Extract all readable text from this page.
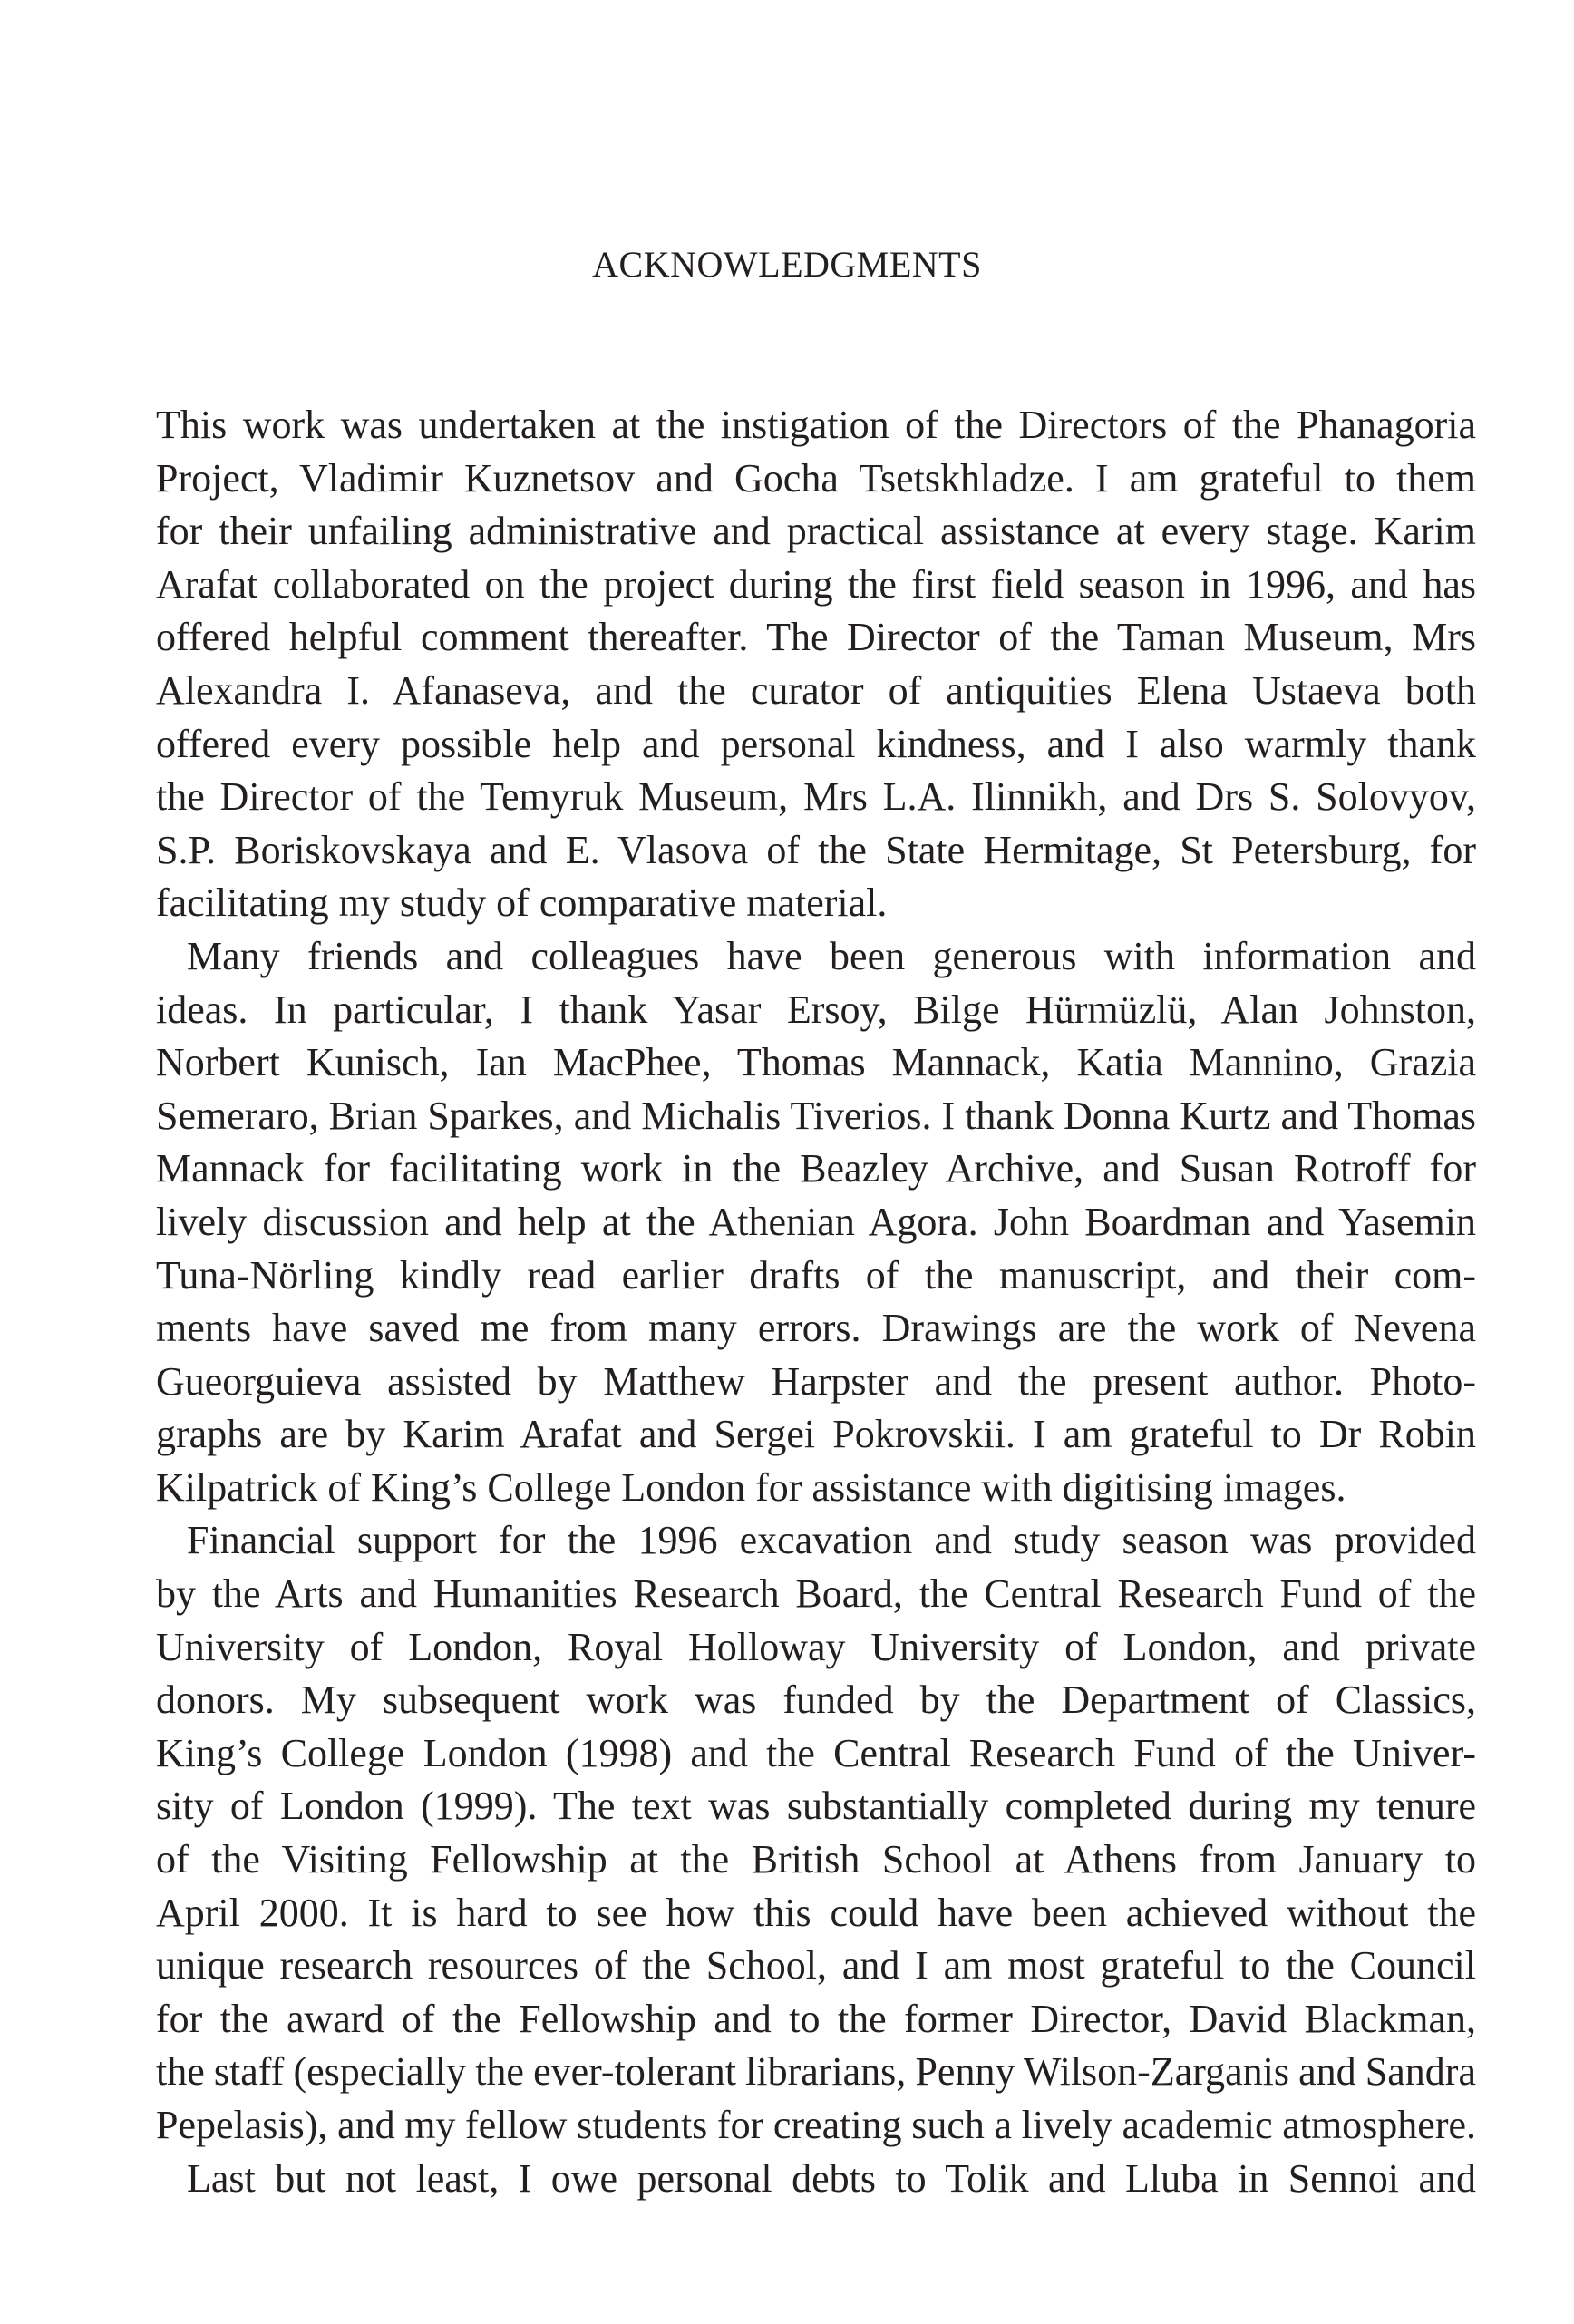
ACKNOWLEDGMENTS
This work was undertaken at the instigation of the Directors of the Phanagoria
Project, Vladimir Kuznetsov and Gocha Tsetskhladze. I am grateful to them
for their unfailing administrative and practical assistance at every stage. Karim
Arafat collaborated on the project during the first field season in 1996, and has
offered helpful comment thereafter. The Director of the Taman Museum, Mrs
Alexandra I. Afanaseva, and the curator of antiquities Elena Ustaeva both
offered every possible help and personal kindness, and I also warmly thank
the Director of the Temyruk Museum, Mrs L.A. Ilinnikh, and Drs S. Solovyov,
S.P. Boriskovskaya and E. Vlasova of the State Hermitage, St Petersburg, for
facilitating my study of comparative material.
Many friends and colleagues have been generous with information and
ideas. In particular, I thank Yasar Ersoy, Bilge Hürmüzlü, Alan Johnston,
Norbert Kunisch, Ian MacPhee, Thomas Mannack, Katia Mannino, Grazia
Semeraro, Brian Sparkes, and Michalis Tiverios. I thank Donna Kurtz and Thomas
Mannack for facilitating work in the Beazley Archive, and Susan Rotroff for
lively discussion and help at the Athenian Agora. John Boardman and Yasemin
Tuna-Nörling kindly read earlier drafts of the manuscript, and their com-
ments have saved me from many errors. Drawings are the work of Nevena
Gueorguieva assisted by Matthew Harpster and the present author. Photo-
graphs are by Karim Arafat and Sergei Pokrovskii. I am grateful to Dr Robin
Kilpatrick of King’s College London for assistance with digitising images.
Financial support for the 1996 excavation and study season was provided
by the Arts and Humanities Research Board, the Central Research Fund of the
University of London, Royal Holloway University of London, and private
donors. My subsequent work was funded by the Department of Classics,
King’s College London (1998) and the Central Research Fund of the Univer-
sity of London (1999). The text was substantially completed during my tenure
of the Visiting Fellowship at the British School at Athens from January to
April 2000. It is hard to see how this could have been achieved without the
unique research resources of the School, and I am most grateful to the Council
for the award of the Fellowship and to the former Director, David Blackman,
the staff (especially the ever-tolerant librarians, Penny Wilson-Zarganis and Sandra
Pepelasis), and my fellow students for creating such a lively academic atmosphere.
Last but not least, I owe personal debts to Tolik and Lluba in Sennoi and
